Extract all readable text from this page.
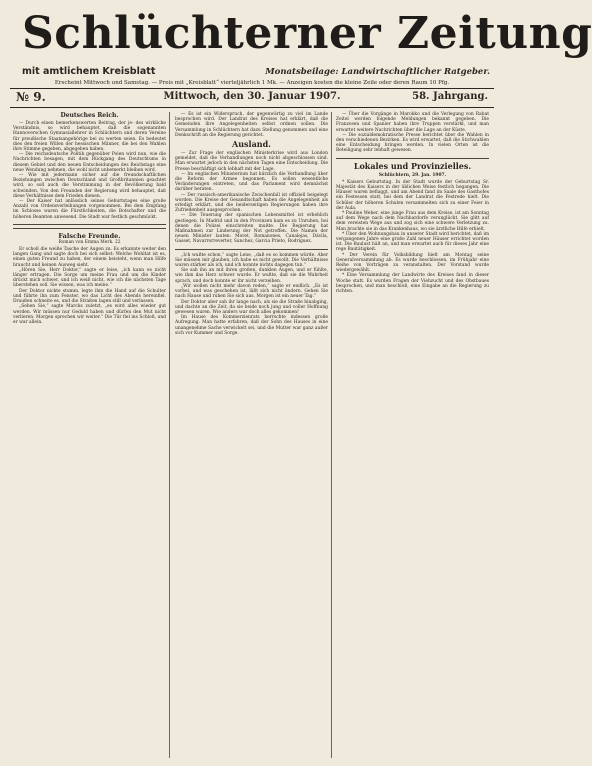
Schlüchterner Zeitung
mit amtlichem Kreisblatt	Monatsbeilage: Landwirtschaftlicher Ratgeber.
Erscheint Mittwoch und Samstag. — Preis mit „Kreisblatt“ vierteljährlich 1 Mk. — Anzeigen kosten die kleine Zeile oder deren Raum 10 Pfg.
№ 9.	Mittwoch, den 30. Januar 1907.	58. Jahrgang.
Deutsches Reich.

— Durch einen bemerkenswerten Beitrag, der je- des wirkliche Verständnis, so wird behauptet, daß die sogenannten Hannoverschen Gymnasiallehrer in Schlüchtern und deren Vereine für preußische Staatsangehörige bei zu werten seien. Es bedeutet dies den freien Willen der hessischen Männer, die bei den Wahlen ihre Stimme gegeben, abgegeben haben.

— Die reichsdeutsche Politik gegenüber Polen wird nun, wie die Nachrichten besagen, mit dem Rückgang des Deutschtums in diesem Gebiet und den neuen Entscheidungen des Reichstags eine neue Wendung nehmen, die wohl nicht unbemerkt bleiben wird.

— Wie mit jedermann sicher auf die freundschaftlichen Beziehungen zwischen Deutschland und Großbritannien geachtet wird, so soll auch die Verstimmung in der Bevölkerung bald schwinden. Von den Freunden der Regierung wird behauptet, daß diese Verhältnisse dem Frieden dienen.

— Der Kaiser hat anlässlich seines Geburtstages eine große Anzahl von Ordensverleihungen vorgenommen. Bei dem Empfang im Schlosse waren die Fürstlichkeiten, die Botschafter und die höheren Beamten anwesend. Die Stadt war festlich geschmückt.

Falsche Freunde.
Roman von Emma Merk. 22

Er schoß die weiße Tasche der Augen zu. Es erkannte weiter den langen Gang und sagte doch bei sich selbst: Welche Wohltat ist es, einen guten Freund zu haben, der einem beisteht, wenn man Hilfe braucht und keinen Ausweg sieht.

„Hören Sie, Herr Doktor,“ sagte er leise, „ich kann es nicht länger ertragen. Die Sorge um meine Frau und um die Kinder drückt mich schwer, und ich weiß nicht, wie ich die nächsten Tage überstehen soll. Sie wissen, was ich meine.“

Der Doktor nickte stumm, legte ihm die Hand auf die Schulter und führte ihn zum Fenster, wo das Licht des Abends hereinfiel. Draußen schneite es, und die Straßen lagen still und verlassen.

„Sehen Sie,“ sagte Marcks zuletzt, „es wird alles wieder gut werden. Wir müssen nur Geduld haben und dürfen den Mut nicht verlieren. Morgen sprechen wir weiter.“ Die Tür fiel ins Schloß, und er war allein.

— Es ist ein Widerspruch, der gegenwärtig zu viel im Lande besprochen wird. Der Landrat des Kreises hat erklärt, daß die Gemeinden ihre Angelegenheiten selbst ordnen sollen. Die Versammlung in Schlüchtern hat dazu Stellung genommen und eine Denkschrift an die Regierung gerichtet.

Ausland.

— Zur Frage der englischen Ministerkrise wird aus London gemeldet, daß die Verhandlungen noch nicht abgeschlossen sind. Man erwartet jedoch in den nächsten Tagen eine Entscheidung. Die Presse beschäftigt sich lebhaft mit der Lage.

— Im englischen Ministerium hat kürzlich die Verhandlung über die Reform der Armee begonnen. Es sollen wesentliche Veränderungen eintreten, und das Parlament wird demnächst darüber beraten.

— Der russisch-amerikanische Zwischenfall ist offiziell beigelegt worden. Die Kreise der Gesandtschaft haben die Angelegenheit als erledigt erklärt, und die beiderseitigen Regierungen haben ihre Zufriedenheit ausgesprochen.

— Die Teuerung der spanischen Lebensmittel ist erheblich gestiegen. In Madrid und in den Provinzen kam es zu Unruhen, bei denen die Polizei einschreiten mußte. Die Regierung hat Maßnahmen zur Linderung der Not getroffen. Die Namen der neuen Minister lauten: Moret, Romanones, Canalejas, Dávila, Gasset, Navarrorreverter, Sanchez, Garcia Prieto, Rodriguez.

„Ich wußte schon,“ sagte Lene, „daß es so kommen würde. Aber Sie müssen mir glauben, ich habe es nicht gewollt. Die Verhältnisse waren stärker als ich, und ich konnte nichts dagegen tun.“

Sie sah ihn an mit ihren großen, dunklen Augen, und er fühlte, wie ihm das Herz schwer wurde. Er wußte, daß sie die Wahrheit sprach, und doch konnte er ihr nicht verzeihen.

„Wir wollen nicht mehr davon reden,“ sagte er endlich. „Es ist vorbei, und was geschehen ist, läßt sich nicht ändern. Gehen Sie nach Hause und ruhen Sie sich aus. Morgen ist ein neuer Tag.“

Der Doktor aber sah ihr lange nach, als sie die Straße hinabging, und dachte an die Zeit, da sie beide noch jung und voller Hoffnung gewesen waren. Wie anders war doch alles gekommen!

Im Hause des Kommerzienrats herrschte indessen große Aufregung. Man hatte erfahren, daß der Sohn des Hauses in eine unangenehme Sache verwickelt sei, und die Mutter war ganz außer sich vor Kummer und Sorge.

— Über die Vorgänge in Marokko und die Verlegung von Rabat Zeitel werden folgende Meldungen bekannt gegeben. Die Franzosen und Spanier haben ihre Truppen verstärkt, und man erwartet weitere Nachrichten über die Lage an der Küste.

— Die sozialdemokratische Presse berichtet über die Wahlen in den verschiedenen Bezirken. Es wird erwartet, daß die Stichwahlen eine Entscheidung bringen werden. In vielen Orten ist die Beteiligung sehr lebhaft gewesen.

Lokales und Provinzielles.
Schlüchtern, 29. Jan. 1907.

* Kaisers Geburtstag. In der Stadt wurde der Geburtstag Sr. Majestät des Kaisers in der üblichen Weise festlich begangen. Die Häuser waren beflaggt, und am Abend fand im Saale des Gasthofes ein Festessen statt, bei dem der Landrat die Festrede hielt. Die Schüler der höheren Schulen versammelten sich zu einer Feier in der Aula.

* Pauline Weber, eine junge Frau aus dem Kreise, ist am Sonntag auf dem Wege nach dem Nachbardorfe verunglückt. Sie glitt auf dem vereisten Wege aus und zog sich eine schwere Verletzung zu. Man brachte sie in das Krankenhaus, wo sie ärztliche Hilfe erhielt.

* Über den Wohnungsbau in unserer Stadt wird berichtet, daß im vergangenen Jahre eine große Zahl neuer Häuser errichtet worden ist. Die Baulust hält an, und man erwartet auch für dieses Jahr eine rege Bautätigkeit.

* Der Verein für Volksbildung hielt am Montag seine Generalversammlung ab. Es wurde beschlossen, im Frühjahr eine Reihe von Vorträgen zu veranstalten. Der Vorstand wurde wiedergewählt.

* Eine Versammlung der Landwirte des Kreises fand in dieser Woche statt. Es wurden Fragen der Viehzucht und des Obstbaues besprochen, und man beschloß, eine Eingabe an die Regierung zu richten.
